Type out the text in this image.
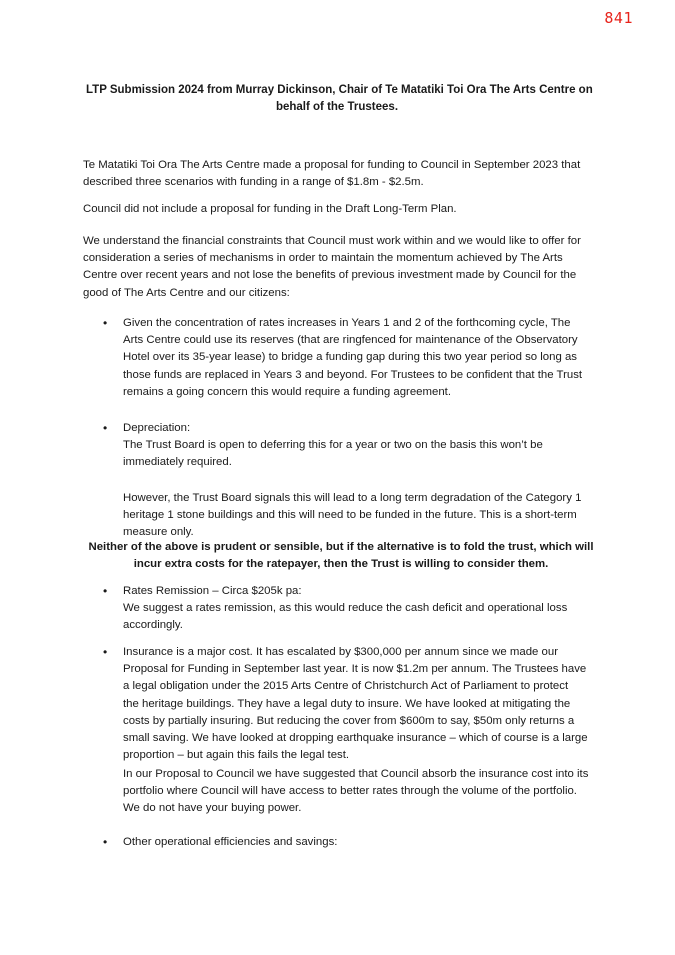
841
LTP Submission 2024 from Murray Dickinson, Chair of Te Matatiki Toi Ora The Arts Centre on
behalf of the Trustees.
Te Matatiki Toi Ora The Arts Centre made a proposal for funding to Council in September 2023 that
described three scenarios with funding in a range of $1.8m - $2.5m.
Council did not include a proposal for funding in the Draft Long-Term Plan.
We understand the financial constraints that Council must work within and we would like to offer for
consideration a series of mechanisms in order to maintain the momentum achieved by The Arts
Centre over recent years and not lose the benefits of previous investment made by Council for the
good of The Arts Centre and our citizens:
•	Given the concentration of rates increases in Years 1 and 2 of the forthcoming cycle, The
Arts Centre could use its reserves (that are ringfenced for maintenance of the Observatory
Hotel over its 35-year lease) to bridge a funding gap during this two year period so long as
those funds are replaced in Years 3 and beyond. For Trustees to be confident that the Trust
remains a going concern this would require a funding agreement.
•	Depreciation:
The Trust Board is open to deferring this for a year or two on the basis this won’t be
immediately required.
However, the Trust Board signals this will lead to a long term degradation of the Category 1
heritage 1 stone buildings and this will need to be funded in the future. This is a short-term
measure only.
Neither of the above is prudent or sensible, but if the alternative is to fold the trust, which will
incur extra costs for the ratepayer, then the Trust is willing to consider them.
•	Rates Remission – Circa $205k pa:
We suggest a rates remission, as this would reduce the cash deficit and operational loss
accordingly.
•	Insurance is a major cost. It has escalated by $300,000 per annum since we made our
Proposal for Funding in September last year. It is now $1.2m per annum. The Trustees have
a legal obligation under the 2015 Arts Centre of Christchurch Act of Parliament to protect
the heritage buildings. They have a legal duty to insure. We have looked at mitigating the
costs by partially insuring. But reducing the cover from $600m to say, $50m only returns a
small saving. We have looked at dropping earthquake insurance – which of course is a large
proportion – but again this fails the legal test.
In our Proposal to Council we have suggested that Council absorb the insurance cost into its
portfolio where Council will have access to better rates through the volume of the portfolio.
We do not have your buying power.
•	Other operational efficiencies and savings:
